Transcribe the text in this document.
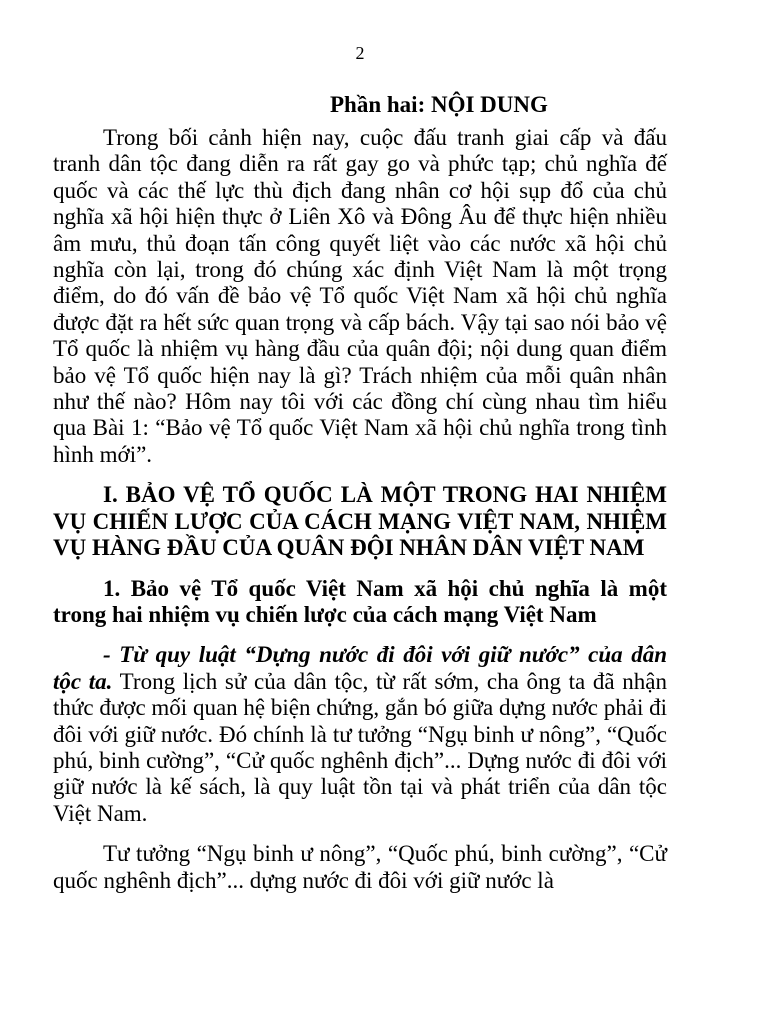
2
Phần hai: NỘI DUNG

Trong bối cảnh hiện nay, cuộc đấu tranh giai cấp và đấu tranh dân tộc đang diễn ra rất gay go và phức tạp; chủ nghĩa đế quốc và các thế lực thù địch đang nhân cơ hội sụp đổ của chủ nghĩa xã hội hiện thực ở Liên Xô và Đông Âu để thực hiện nhiều âm mưu, thủ đoạn tấn công quyết liệt vào các nước xã hội chủ nghĩa còn lại, trong đó chúng xác định Việt Nam là một trọng điểm, do đó vấn đề bảo vệ Tổ quốc Việt Nam xã hội chủ nghĩa được đặt ra hết sức quan trọng và cấp bách. Vậy tại sao nói bảo vệ Tổ quốc là nhiệm vụ hàng đầu của quân đội; nội dung quan điểm bảo vệ Tổ quốc hiện nay là gì? Trách nhiệm của mỗi quân nhân như thế nào? Hôm nay tôi với các đồng chí cùng nhau tìm hiểu qua Bài 1: “Bảo vệ Tổ quốc Việt Nam xã hội chủ nghĩa trong tình hình mới”.

I. BẢO VỆ TỔ QUỐC LÀ MỘT TRONG HAI NHIỆM VỤ CHIẾN LƯỢC CỦA CÁCH MẠNG VIỆT NAM, NHIỆM VỤ HÀNG ĐẦU CỦA QUÂN ĐỘI NHÂN DÂN VIỆT NAM
1. Bảo vệ Tổ quốc Việt Nam xã hội chủ nghĩa là một trong hai nhiệm vụ chiến lược của cách mạng Việt Nam

- Từ quy luật “Dựng nước đi đôi với giữ nước” của dân tộc ta. Trong lịch sử của dân tộc, từ rất sớm, cha ông ta đã nhận thức được mối quan hệ biện chứng, gắn bó giữa dựng nước phải đi đôi với giữ nước. Đó chính là tư tưởng “Ngụ binh ư nông”, “Quốc phú, binh cường”, “Cử quốc nghênh địch”... Dựng nước đi đôi với giữ nước là kế sách, là quy luật tồn tại và phát triển của dân tộc Việt Nam.

Tư tưởng “Ngụ binh ư nông”, “Quốc phú, binh cường”, “Cử quốc nghênh địch”... dựng nước đi đôi với giữ nước là
